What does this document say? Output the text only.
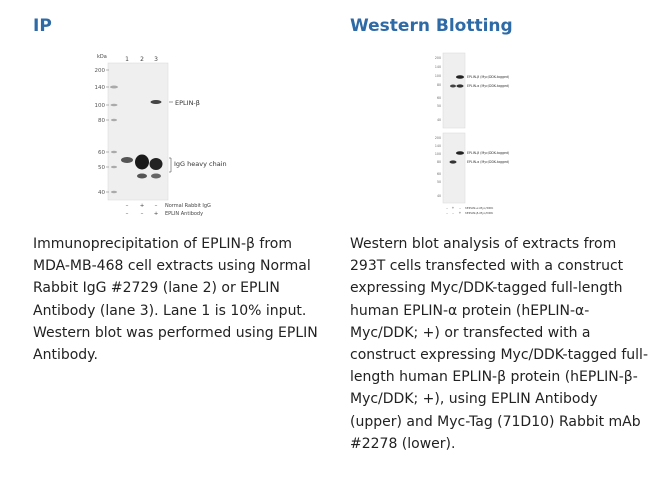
IP
kDa	1 2 3
200
140
100
80
60
50
40
EPLIN-β
IgG heavy chain
– + –
– – +
Normal Rabbit IgG
EPLIN Antibody

Immunoprecipitation of EPLIN-β from MDA-MB-468 cell extracts using Normal Rabbit IgG #2729 (lane 2) or EPLIN Antibody (lane 3). Lane 1 is 10% input. Western blot was performed using EPLIN Antibody.

Western Blotting
200
140
100
80
60
50
40
EPLIN-β (Myc/DDK-tagged)
EPLIN-α (Myc/DDK-tagged)
200
140
100
80
60
50
40
EPLIN-β (Myc/DDK-tagged)
EPLIN-α (Myc/DDK-tagged)
– + –
– – +
hEPLIN-α-Myc/DDK
hEPLIN-β-Myc/DDK

Western blot analysis of extracts from 293T cells transfected with a construct expressing Myc/DDK-tagged full-length human EPLIN-α protein (hEPLIN-α-Myc/DDK; +) or transfected with a construct expressing Myc/DDK-tagged full-length human EPLIN-β protein (hEPLIN-β-Myc/DDK; +), using EPLIN Antibody (upper) and Myc-Tag (71D10) Rabbit mAb #2278 (lower).
